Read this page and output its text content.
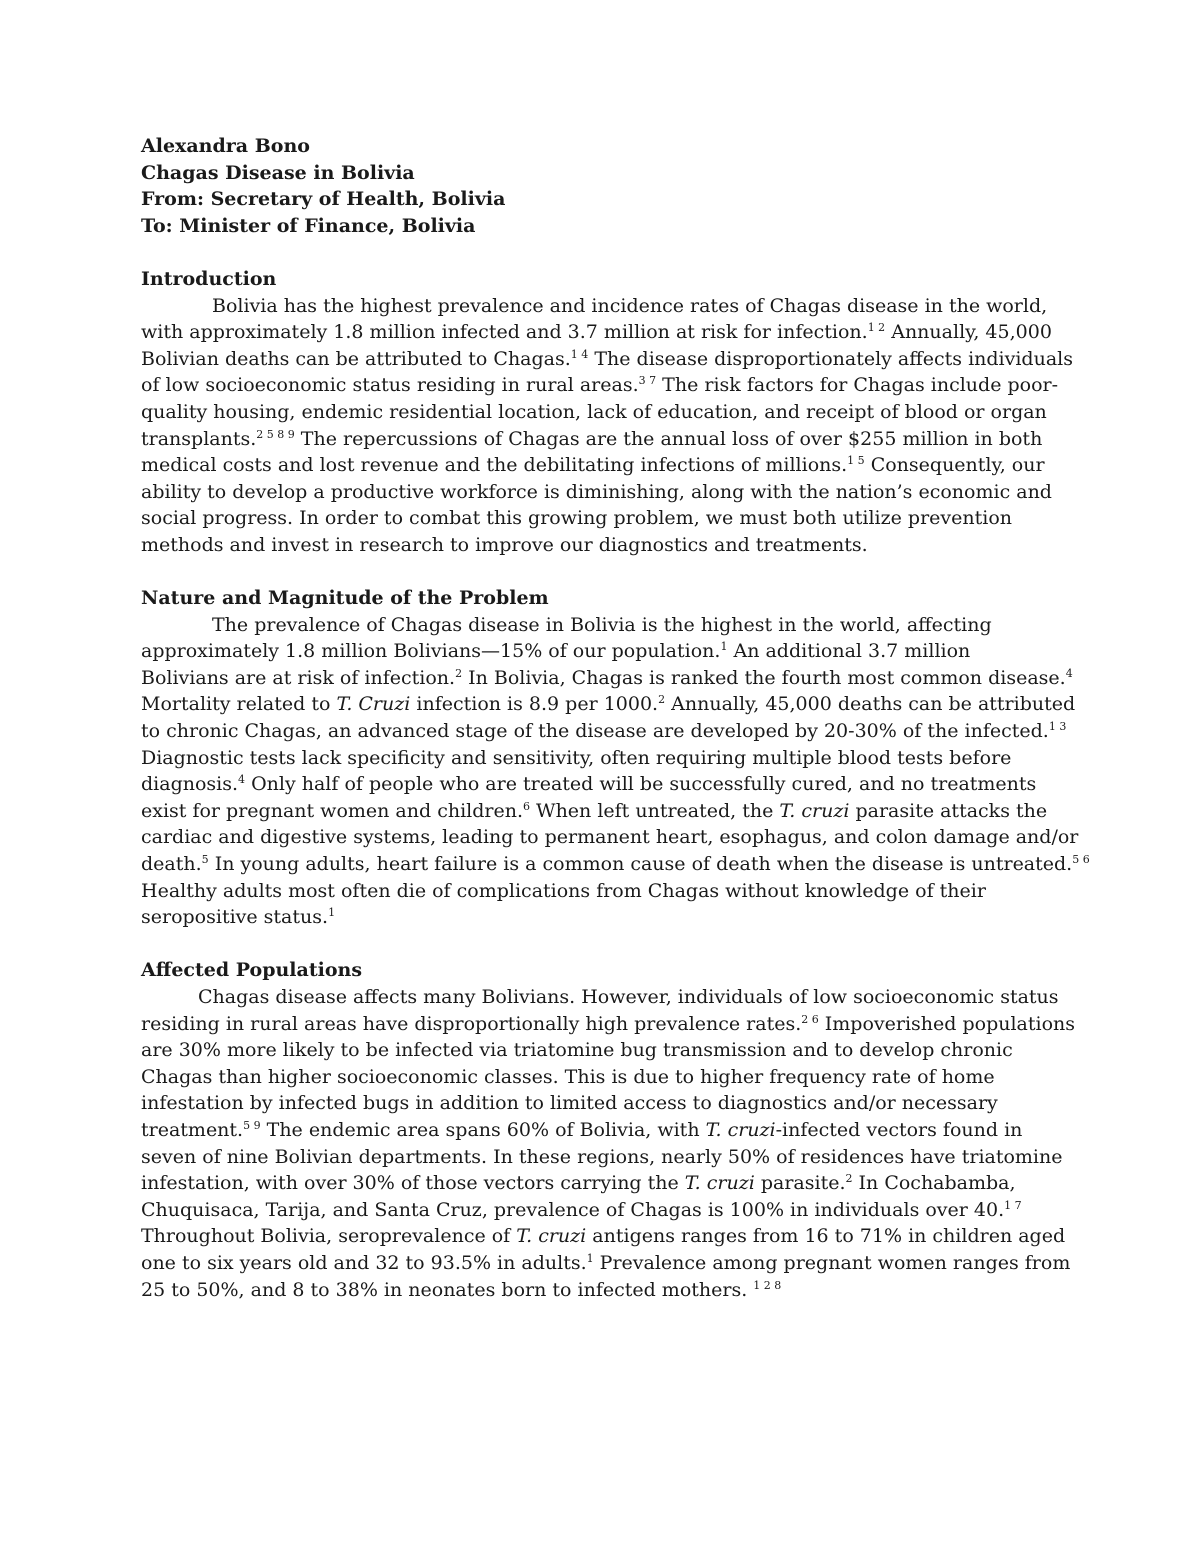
Alexandra Bono
Chagas Disease in Bolivia
From: Secretary of Health, Bolivia
To: Minister of Finance, Bolivia
Introduction
Bolivia has the highest prevalence and incidence rates of Chagas disease in the world,
with approximately 1.8 million infected and 3.7 million at risk for infection.$^{1 2}$ Annually, 45,000
Bolivian deaths can be attributed to Chagas.$^{1 4}$ The disease disproportionately affects individuals
of low socioeconomic status residing in rural areas.$^{3 7}$ The risk factors for Chagas include poor-
quality housing, endemic residential location, lack of education, and receipt of blood or organ
transplants.$^{2 5 8 9}$ The repercussions of Chagas are the annual loss of over $255 million in both
medical costs and lost revenue and the debilitating infections of millions.$^{1 5}$ Consequently, our
ability to develop a productive workforce is diminishing, along with the nation’s economic and
social progress. In order to combat this growing problem, we must both utilize prevention
methods and invest in research to improve our diagnostics and treatments.
Nature and Magnitude of the Problem
The prevalence of Chagas disease in Bolivia is the highest in the world, affecting
approximately 1.8 million Bolivians—15% of our population.$^1$ An additional 3.7 million
Bolivians are at risk of infection.$^2$ In Bolivia, Chagas is ranked the fourth most common disease.$^4$
Mortality related to T. Cruzi infection is 8.9 per 1000.$^2$ Annually, 45,000 deaths can be attributed
to chronic Chagas, an advanced stage of the disease are developed by 20-30% of the infected.$^{1 3}$
Diagnostic tests lack specificity and sensitivity, often requiring multiple blood tests before
diagnosis.$^4$ Only half of people who are treated will be successfully cured, and no treatments
exist for pregnant women and children.$^6$ When left untreated, the T. cruzi parasite attacks the
cardiac and digestive systems, leading to permanent heart, esophagus, and colon damage and/or
death.$^5$ In young adults, heart failure is a common cause of death when the disease is untreated.$^{5 6}$
Healthy adults most often die of complications from Chagas without knowledge of their
seropositive status.$^1$
Affected Populations
Chagas disease affects many Bolivians. However, individuals of low socioeconomic status
residing in rural areas have disproportionally high prevalence rates.$^{2 6}$ Impoverished populations
are 30% more likely to be infected via triatomine bug transmission and to develop chronic
Chagas than higher socioeconomic classes. This is due to higher frequency rate of home
infestation by infected bugs in addition to limited access to diagnostics and/or necessary
treatment.$^{5 9}$ The endemic area spans 60% of Bolivia, with T. cruzi-infected vectors found in
seven of nine Bolivian departments. In these regions, nearly 50% of residences have triatomine
infestation, with over 30% of those vectors carrying the T. cruzi parasite.$^2$ In Cochabamba,
Chuquisaca, Tarija, and Santa Cruz, prevalence of Chagas is 100% in individuals over 40.$^{1 7}$
Throughout Bolivia, seroprevalence of T. cruzi antigens ranges from 16 to 71% in children aged
one to six years old and 32 to 93.5% in adults.$^1$ Prevalence among pregnant women ranges from
25 to 50%, and 8 to 38% in neonates born to infected mothers. $^{1 2 8}$
